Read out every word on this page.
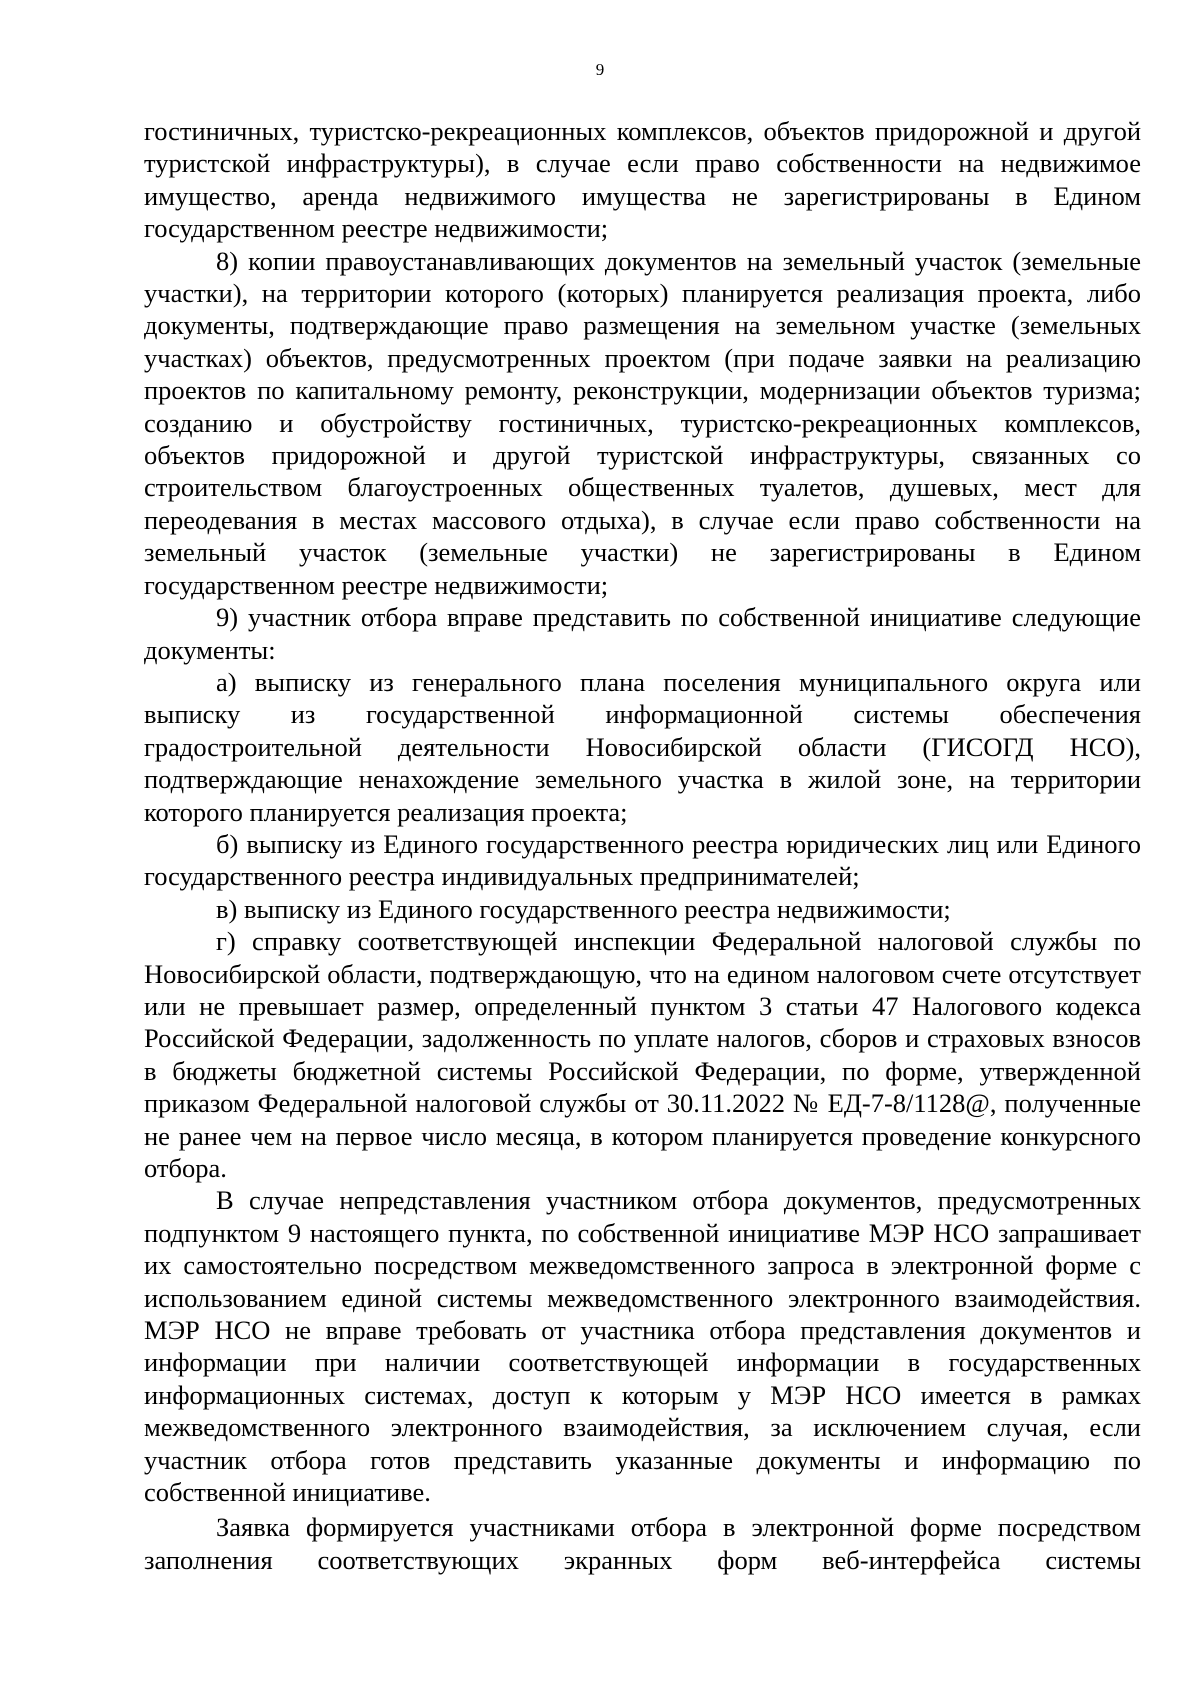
9

гостиничных, туристско-рекреационных комплексов, объектов придорожной и другой туристской инфраструктуры), в случае если право собственности на недвижимое имущество, аренда недвижимого имущества не зарегистрированы в Едином государственном реестре недвижимости;

8) копии правоустанавливающих документов на земельный участок (земельные участки), на территории которого (которых) планируется реализация проекта, либо документы, подтверждающие право размещения на земельном участке (земельных участках) объектов, предусмотренных проектом (при подаче заявки на реализацию проектов по капитальному ремонту, реконструкции, модернизации объектов туризма; созданию и обустройству гостиничных, туристско-рекреационных комплексов, объектов придорожной и другой туристской инфраструктуры, связанных со строительством благоустроенных общественных туалетов, душевых, мест для переодевания в местах массового отдыха), в случае если право собственности на земельный участок (земельные участки) не зарегистрированы в Едином государственном реестре недвижимости;

9) участник отбора вправе представить по собственной инициативе следующие документы:

а) выписку из генерального плана поселения муниципального округа или выписку из государственной информационной системы обеспечения градостроительной деятельности Новосибирской области (ГИСОГД НСО), подтверждающие ненахождение земельного участка в жилой зоне, на территории которого планируется реализация проекта;

б) выписку из Единого государственного реестра юридических лиц или Единого государственного реестра индивидуальных предпринимателей;

в) выписку из Единого государственного реестра недвижимости;

г) справку соответствующей инспекции Федеральной налоговой службы по Новосибирской области, подтверждающую, что на едином налоговом счете отсутствует или не превышает размер, определенный пунктом 3 статьи 47 Налогового кодекса Российской Федерации, задолженность по уплате налогов, сборов и страховых взносов в бюджеты бюджетной системы Российской Федерации, по форме, утвержденной приказом Федеральной налоговой службы от 30.11.2022 № ЕД-7-8/1128@, полученные не ранее чем на первое число месяца, в котором планируется проведение конкурсного отбора.

В случае непредставления участником отбора документов, предусмотренных подпунктом 9 настоящего пункта, по собственной инициативе МЭР НСО запрашивает их самостоятельно посредством межведомственного запроса в электронной форме с использованием единой системы межведомственного электронного взаимодействия. МЭР НСО не вправе требовать от участника отбора представления документов и информации при наличии соответствующей информации в государственных информационных системах, доступ к которым у МЭР НСО имеется в рамках межведомственного электронного взаимодействия, за исключением случая, если участник отбора готов представить указанные документы и информацию по собственной инициативе.

Заявка формируется участниками отбора в электронной форме посредством заполнения соответствующих экранных форм веб-интерфейса системы
